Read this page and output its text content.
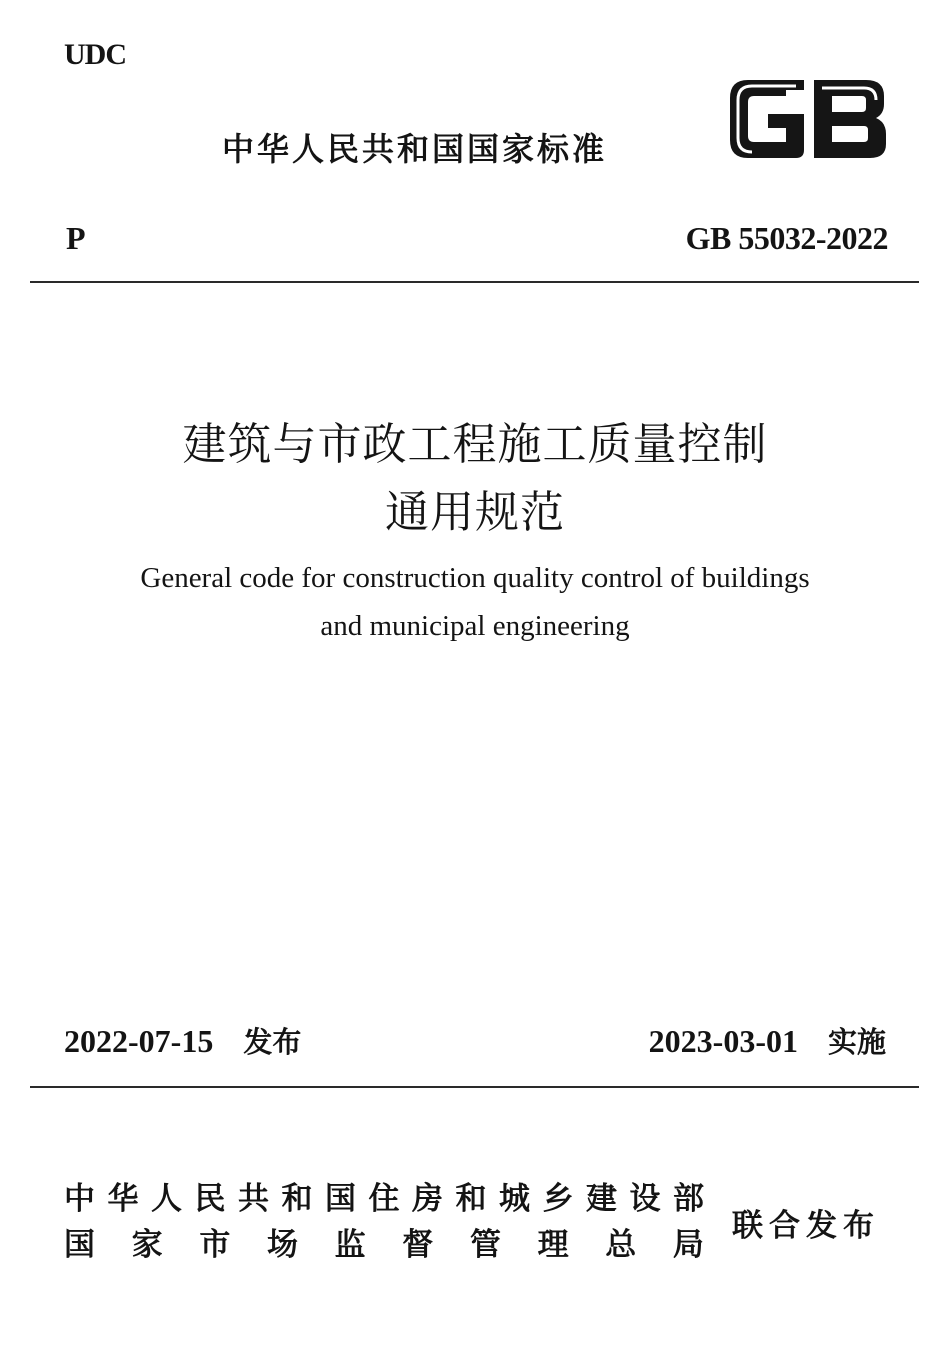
UDC
中华人民共和国国家标准
P	GB 55032-2022
建筑与市政工程施工质量控制
通用规范
General code for construction quality control of buildings
and municipal engineering
2022-07-15 发布	2023-03-01 实施
中 华 人 民 共 和 国 住 房 和 城 乡 建 设 部
国 家 市 场 监 督 管 理 总 局
联合发布
